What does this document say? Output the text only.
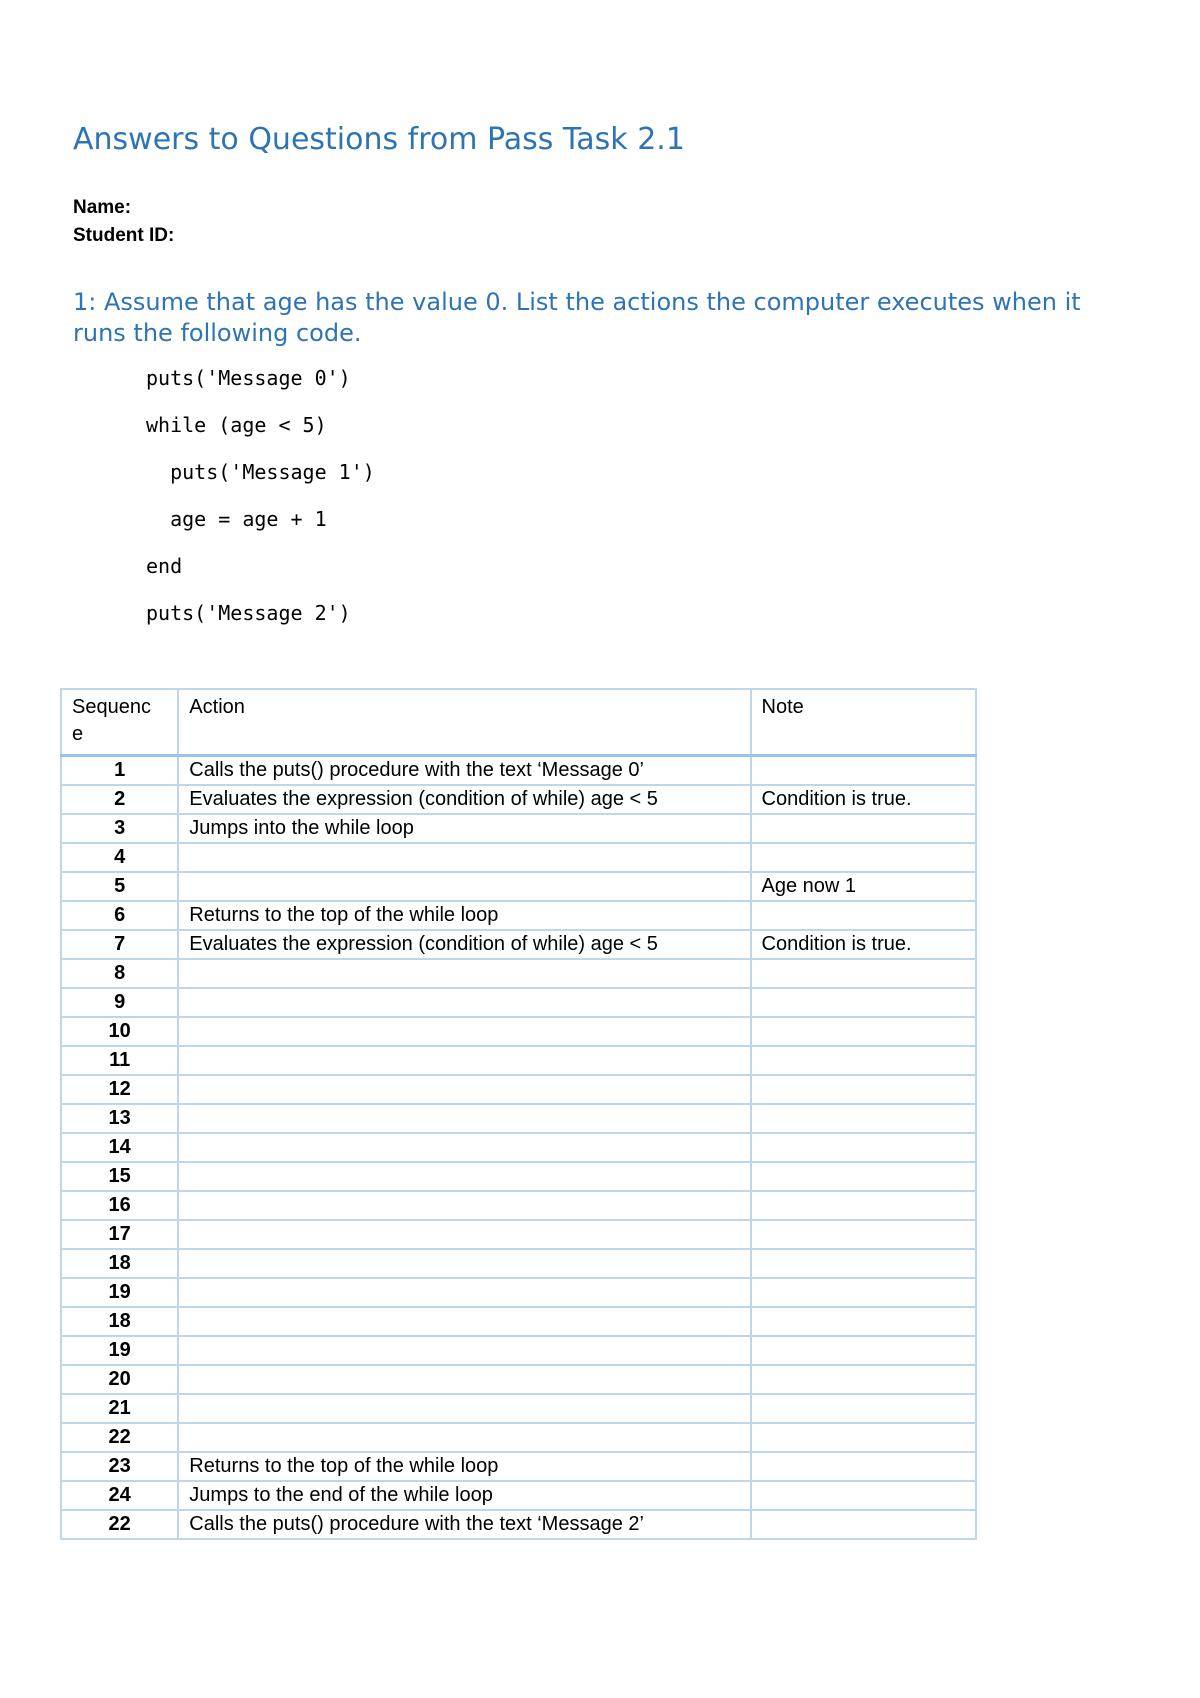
Answers to Questions from Pass Task 2.1
Name:
Student ID:
1: Assume that age has the value 0. List the actions the computer executes when it runs the following code.
puts('Message 0')
while (age < 5)
puts('Message 1')
age = age + 1
end
puts('Message 2')
Sequenc e	Action	Note
1	Calls the puts() procedure with the text ‘Message 0’	
2	Evaluates the expression (condition of while) age < 5	Condition is true.
3	Jumps into the while loop	
4		
5		Age now 1
6	Returns to the top of the while loop	
7	Evaluates the expression (condition of while) age < 5	Condition is true.
8		
9		
10		
11		
12		
13		
14		
15		
16		
17		
18		
19		
18		
19		
20		
21		
22		
23	Returns to the top of the while loop	
24	Jumps to the end of the while loop	
22	Calls the puts() procedure with the text ‘Message 2’	
